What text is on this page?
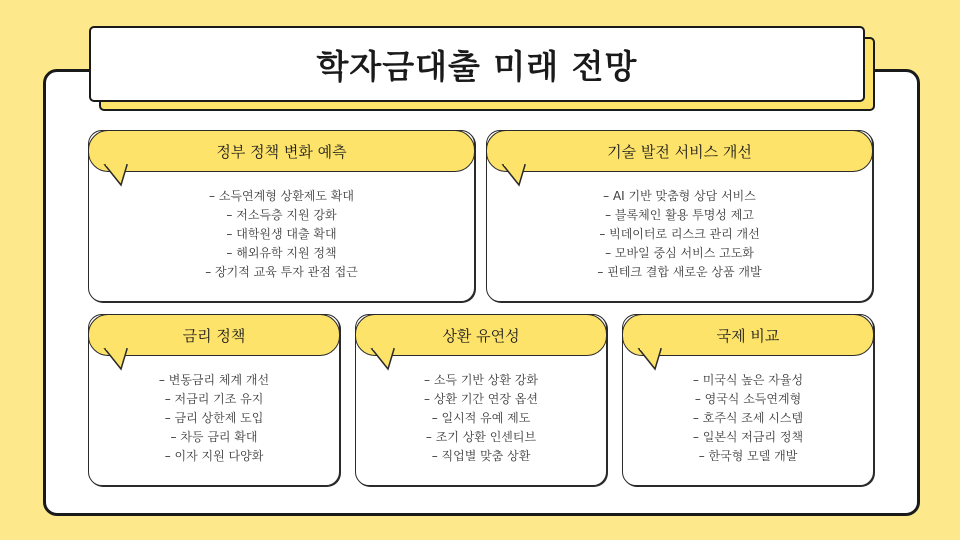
학자금대출 미래 전망
정부 정책 변화 예측
– 소득연계형 상환제도 확대
– 저소득층 지원 강화
– 대학원생 대출 확대
– 해외유학 지원 정책
– 장기적 교육 투자 관점 접근
기술 발전 서비스 개선
– AI 기반 맞춤형 상담 서비스
– 블록체인 활용 투명성 제고
– 빅데이터로 리스크 관리 개선
– 모바일 중심 서비스 고도화
– 핀테크 결합 새로운 상품 개발
금리 정책
– 변동금리 체계 개선
– 저금리 기조 유지
– 금리 상한제 도입
– 차등 금리 확대
– 이자 지원 다양화
상환 유연성
– 소득 기반 상환 강화
– 상환 기간 연장 옵션
– 일시적 유예 제도
– 조기 상환 인센티브
– 직업별 맞춤 상환
국제 비교
– 미국식 높은 자율성
– 영국식 소득연계형
– 호주식 조세 시스템
– 일본식 저금리 정책
– 한국형 모델 개발
